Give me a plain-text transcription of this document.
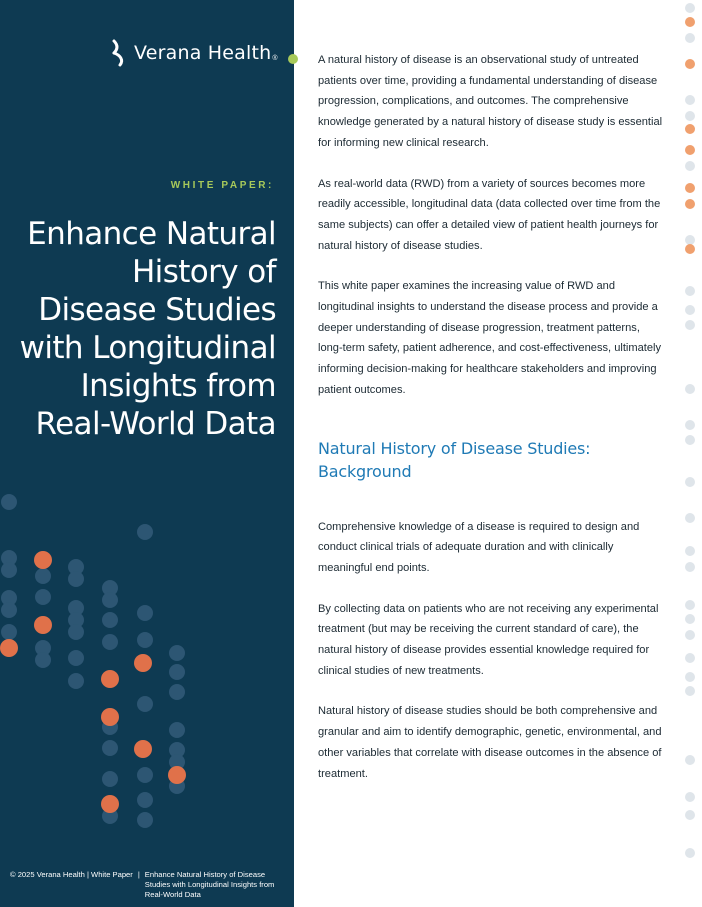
Verana Health ®
WHITE PAPER:
Enhance Natural History of Disease Studies with Longitudinal Insights from Real-World Data
© 2025 Verana Health | White Paper | Enhance Natural History of Disease Studies with Longitudinal Insights from Real-World Data

A natural history of disease is an observational study of untreated patients over time, providing a fundamental understanding of disease progression, complications, and outcomes. The comprehensive knowledge generated by a natural history of disease study is essential for informing new clinical research.

As real-world data (RWD) from a variety of sources becomes more readily accessible, longitudinal data (data collected over time from the same subjects) can offer a detailed view of patient health journeys for natural history of disease studies.

This white paper examines the increasing value of RWD and longitudinal insights to understand the disease process and provide a deeper understanding of disease progression, treatment patterns, long-term safety, patient adherence, and cost-effectiveness, ultimately informing decision-making for healthcare stakeholders and improving patient outcomes.

Natural History of Disease Studies: Background

Comprehensive knowledge of a disease is required to design and conduct clinical trials of adequate duration and with clinically meaningful end points.

By collecting data on patients who are not receiving any experimental treatment (but may be receiving the current standard of care), the natural history of disease provides essential knowledge required for clinical studies of new treatments.

Natural history of disease studies should be both comprehensive and granular and aim to identify demographic, genetic, environmental, and other variables that correlate with disease outcomes in the absence of treatment.
